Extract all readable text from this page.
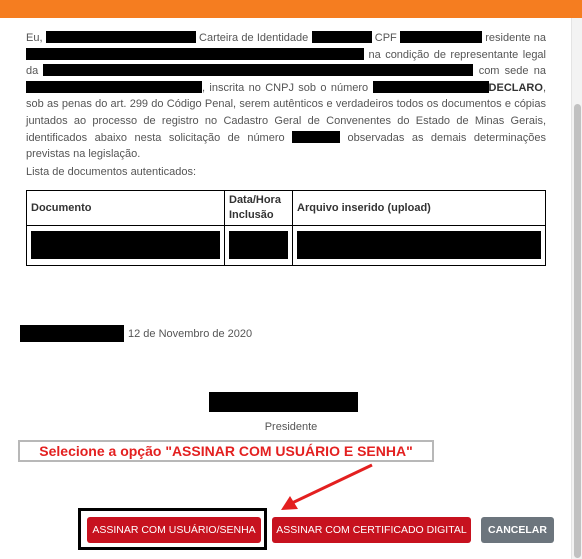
Eu,	Carteira de Identidade	CPF	residente na  na condição de representante legal da	com sede na , inscrita no CNPJ sob o número	DECLARO, sob as penas do art. 299 do Código Penal, serem autênticos e verdadeiros todos os documentos e cópias juntados ao processo de registro no Cadastro Geral de Convenentes do Estado de Minas Gerais, identificados abaixo nesta solicitação de número	observadas as demais determinações previstas na legislação.
Lista de documentos autenticados:
Documento	Data/Hora Inclusão	Arquivo inserido (upload)

12 de Novembro de 2020
Presidente
Selecione a opção "ASSINAR COM USUÁRIO E SENHA"
ASSINAR COM USUÁRIO/SENHA	ASSINAR COM CERTIFICADO DIGITAL	CANCELAR
